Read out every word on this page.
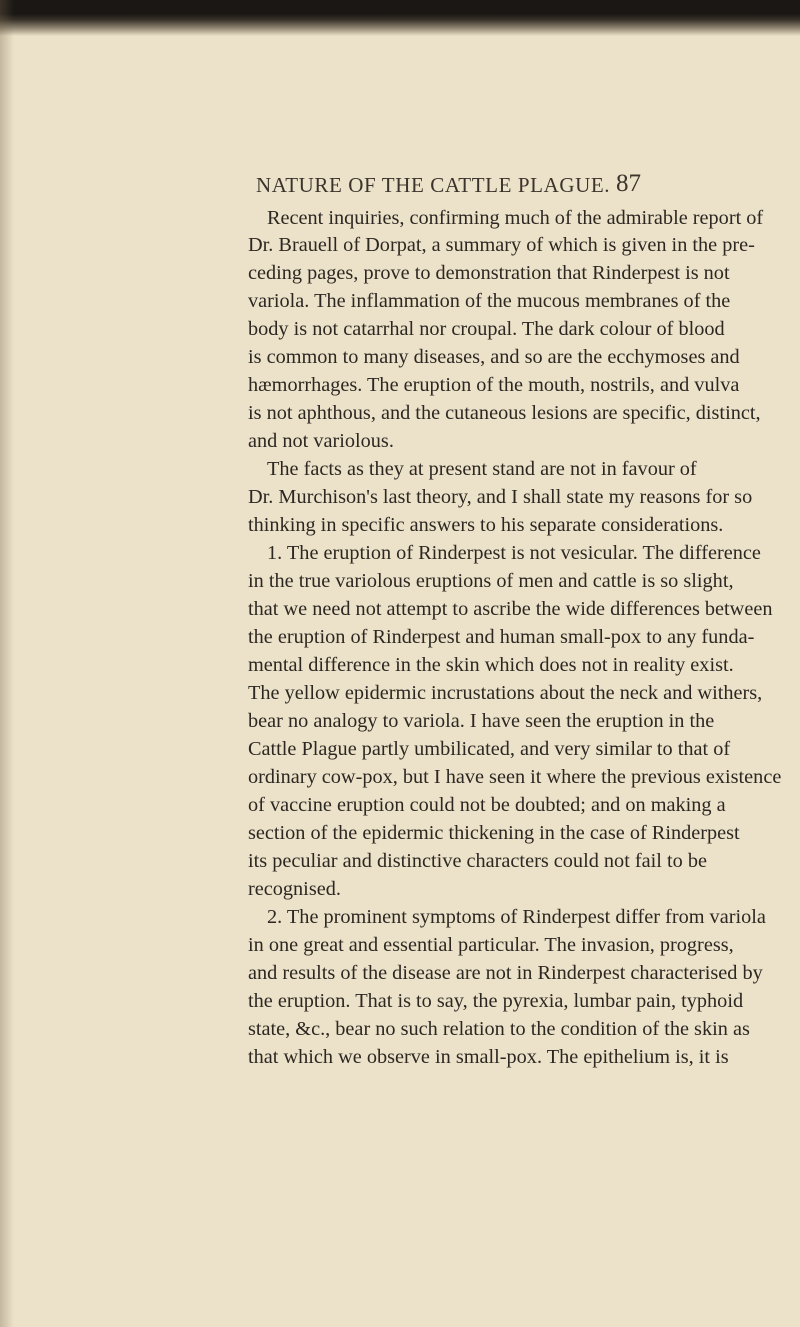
NATURE OF THE CATTLE PLAGUE. 87
Recent inquiries, confirming much of the admirable report of
Dr. Brauell of Dorpat, a summary of which is given in the pre-
ceding pages, prove to demonstration that Rinderpest is not
variola. The inflammation of the mucous membranes of the
body is not catarrhal nor croupal. The dark colour of blood
is common to many diseases, and so are the ecchymoses and
hæmorrhages. The eruption of the mouth, nostrils, and vulva
is not aphthous, and the cutaneous lesions are specific, distinct,
and not variolous.
The facts as they at present stand are not in favour of
Dr. Murchison's last theory, and I shall state my reasons for so
thinking in specific answers to his separate considerations.
1. The eruption of Rinderpest is not vesicular. The difference
in the true variolous eruptions of men and cattle is so slight,
that we need not attempt to ascribe the wide differences between
the eruption of Rinderpest and human small-pox to any funda-
mental difference in the skin which does not in reality exist.
The yellow epidermic incrustations about the neck and withers,
bear no analogy to variola. I have seen the eruption in the
Cattle Plague partly umbilicated, and very similar to that of
ordinary cow-pox, but I have seen it where the previous existence
of vaccine eruption could not be doubted; and on making a
section of the epidermic thickening in the case of Rinderpest
its peculiar and distinctive characters could not fail to be
recognised.
2. The prominent symptoms of Rinderpest differ from variola
in one great and essential particular. The invasion, progress,
and results of the disease are not in Rinderpest characterised by
the eruption. That is to say, the pyrexia, lumbar pain, typhoid
state, &c., bear no such relation to the condition of the skin as
that which we observe in small-pox. The epithelium is, it is
